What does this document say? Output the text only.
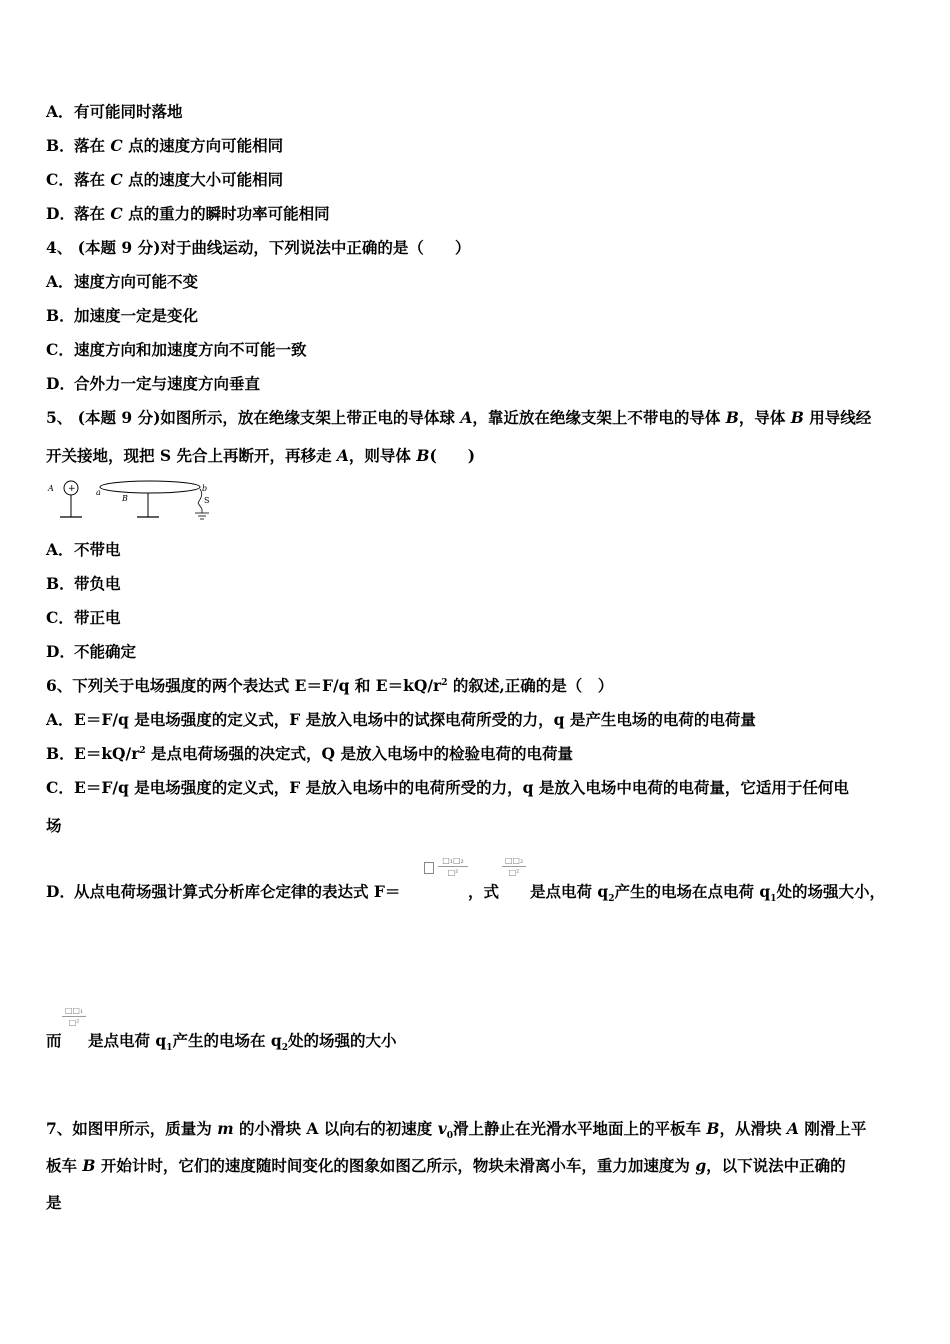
A．有可能同时落地
B．落在 C 点的速度方向可能相同
C．落在 C 点的速度大小可能相同
D．落在 C 点的重力的瞬时功率可能相同
4、 (本题 9 分)对于曲线运动，下列说法中正确的是（　　）
A．速度方向可能不变
B．加速度一定是变化
C．速度方向和加速度方向不可能一致
D．合外力一定与速度方向垂直
5、 (本题 9 分)如图所示，放在绝缘支架上带正电的导体球 A，靠近放在绝缘支架上不带电的导体 B，导体 B 用导线经
开关接地，现把 S 先合上再断开，再移走 A，则导体 B(　　)
A +	a
B
b
S
A．不带电
B．带负电
C．带正电
D．不能确定
6、下列关于电场强度的两个表达式 E＝F/q 和 $E=kQ/r^2$ 的叙述,正确的是（　）
A．E＝F/q 是电场强度的定义式，F 是放入电场中的试探电荷所受的力，q 是产生电场的电荷的电荷量
B．$E=kQ/r^2$ 是点电荷场强的决定式，Q 是放入电场中的检验电荷的电荷量
C．E＝F/q 是电场强度的定义式，F 是放入电场中的电荷所受的力，q 是放入电场中电荷的电荷量，它适用于任何电
场
D．从点电荷场强计算式分析库仑定律的表达式 F＝
□₁□₂
□²
，式
$\frac{\text{□□₂}}{\text{□²}}$
是点电荷 $q_2$产生的电场在点电荷 $q_1$处的场强大小，
$\frac{\text{□□₁}}{\text{□²}}$
而	是点电荷 $q_1$产生的电场在 $q_2$处的场强的大小
7、如图甲所示，质量为 m 的小滑块 A 以向右的初速度 $v_0$滑上静止在光滑水平地面上的平板车 B，从滑块 A 刚滑上平
板车 B 开始计时，它们的速度随时间变化的图象如图乙所示，物块未滑离小车，重力加速度为 g，以下说法中正确的
是
